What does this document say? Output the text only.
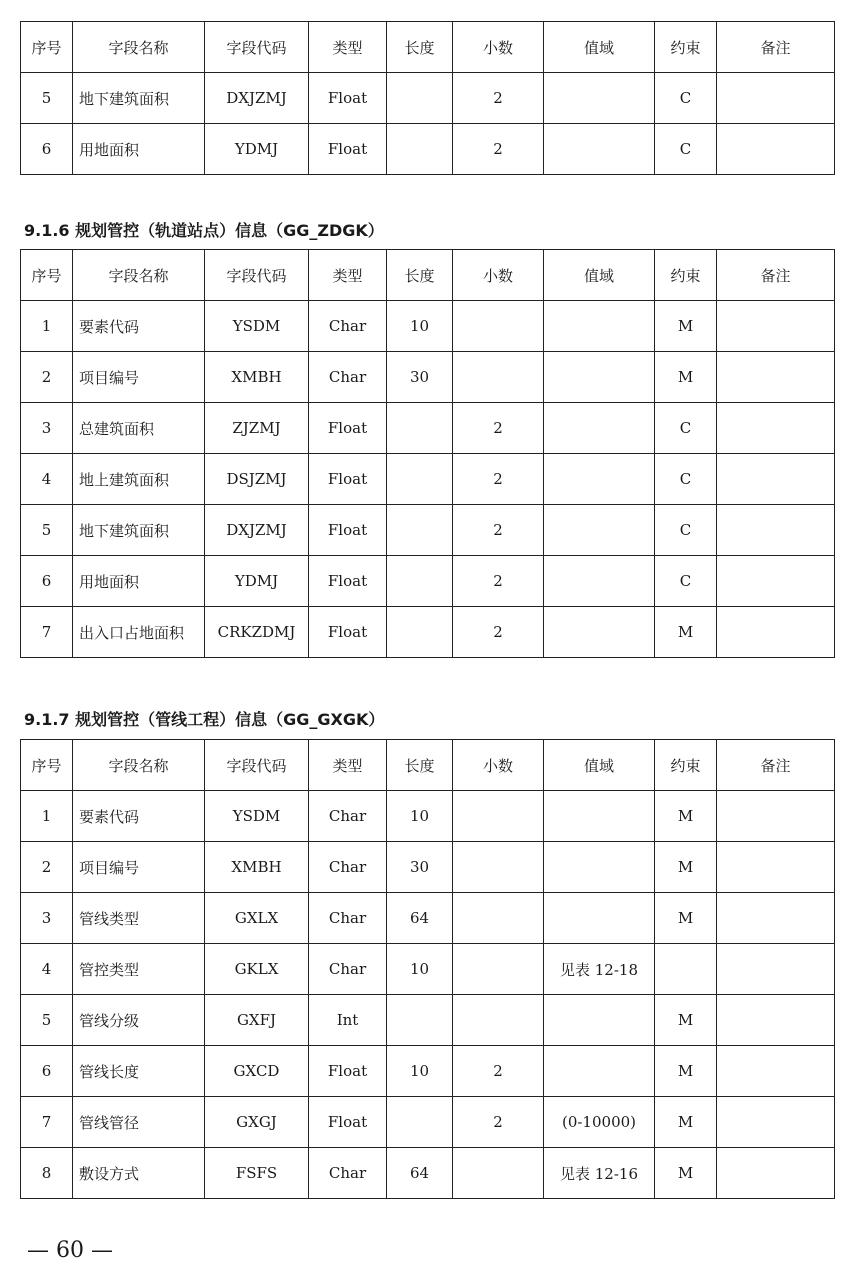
序号	字段名称	字段代码	类型	长度	小数	值域	约束	备注
5	地下建筑面积	DXJZMJ	Float		2		C	
6	用地面积	YDMJ	Float		2		C	
9.1.6 规划管控（轨道站点）信息（GG_ZDGK）
序号	字段名称	字段代码	类型	长度	小数	值域	约束	备注
1	要素代码	YSDM	Char	10			M	
2	项目编号	XMBH	Char	30			M	
3	总建筑面积	ZJZMJ	Float		2		C	
4	地上建筑面积	DSJZMJ	Float		2		C	
5	地下建筑面积	DXJZMJ	Float		2		C	
6	用地面积	YDMJ	Float		2		C	
7	出入口占地面积	CRKZDMJ	Float		2		M	
9.1.7 规划管控（管线工程）信息（GG_GXGK）
序号	字段名称	字段代码	类型	长度	小数	值域	约束	备注
1	要素代码	YSDM	Char	10			M	
2	项目编号	XMBH	Char	30			M	
3	管线类型	GXLX	Char	64			M	
4	管控类型	GKLX	Char	10		见表 12-18		
5	管线分级	GXFJ	Int				M	
6	管线长度	GXCD	Float	10	2		M	
7	管线管径	GXGJ	Float		2	(0-10000)	M	
8	敷设方式	FSFS	Char	64		见表 12-16	M	
— 60 —
